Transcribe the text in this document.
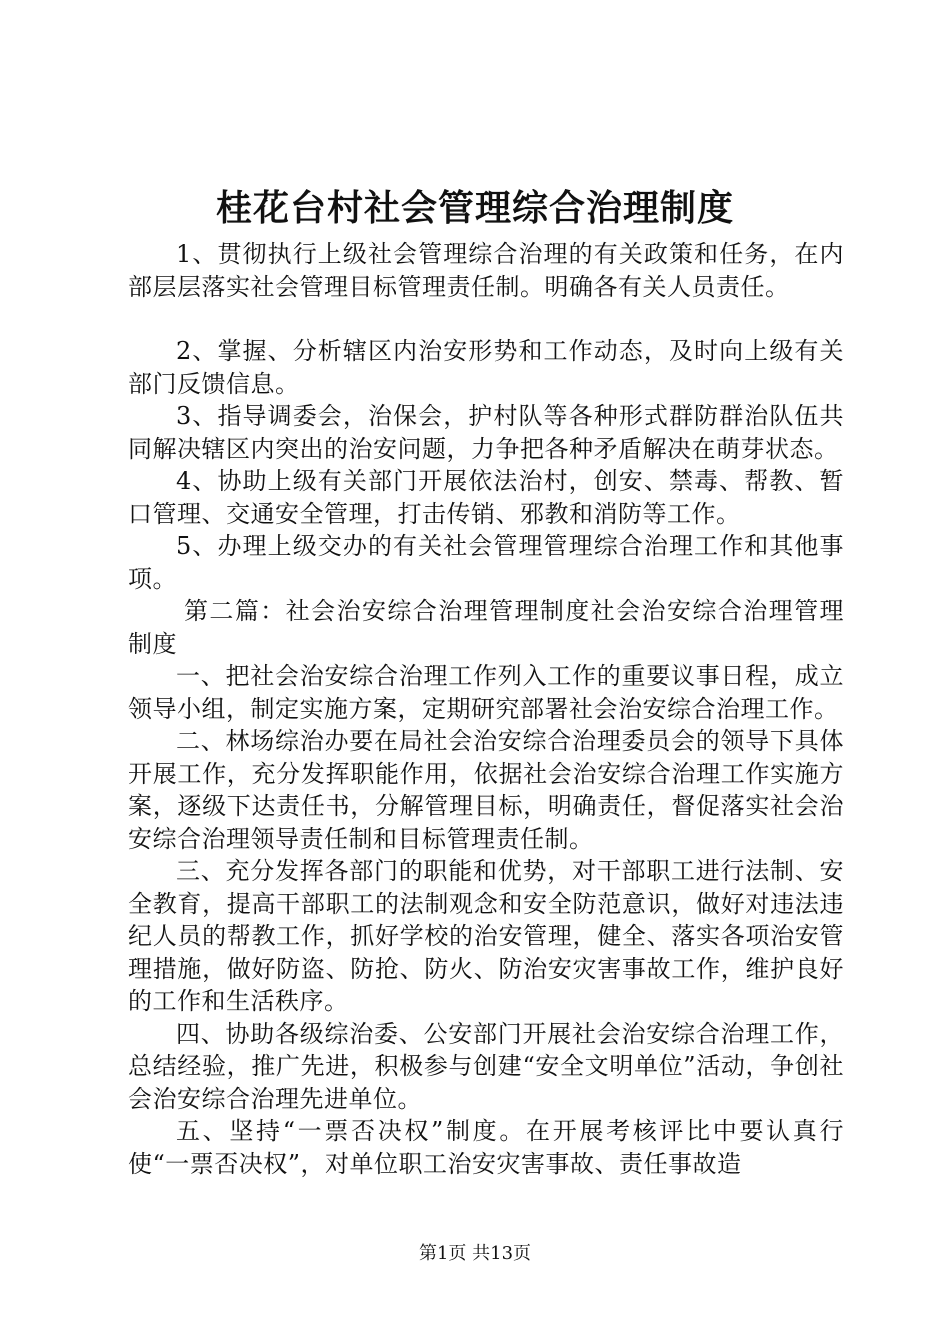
桂花台村社会管理综合治理制度

1、贯彻执行上级社会管理综合治理的有关政策和任务，在内部层层落实社会管理目标管理责任制。明确各有关人员责任。

2、掌握、分析辖区内治安形势和工作动态，及时向上级有关部门反馈信息。

3、指导调委会，治保会，护村队等各种形式群防群治队伍共同解决辖区内突出的治安问题，力争把各种矛盾解决在萌芽状态。

4、协助上级有关部门开展依法治村，创安、禁毒、帮教、暂口管理、交通安全管理，打击传销、邪教和消防等工作。

5、办理上级交办的有关社会管理管理综合治理工作和其他事项。

第二篇：社会治安综合治理管理制度社会治安综合治理管理制度

一、把社会治安综合治理工作列入工作的重要议事日程，成立领导小组，制定实施方案，定期研究部署社会治安综合治理工作。

二、林场综治办要在局社会治安综合治理委员会的领导下具体开展工作，充分发挥职能作用，依据社会治安综合治理工作实施方案，逐级下达责任书，分解管理目标，明确责任，督促落实社会治安综合治理领导责任制和目标管理责任制。

三、充分发挥各部门的职能和优势，对干部职工进行法制、安全教育，提高干部职工的法制观念和安全防范意识，做好对违法违纪人员的帮教工作，抓好学校的治安管理，健全、落实各项治安管理措施，做好防盗、防抢、防火、防治安灾害事故工作，维护良好的工作和生活秩序。

四、协助各级综治委、公安部门开展社会治安综合治理工作，总结经验，推广先进，积极参与创建“安全文明单位”活动，争创社会治安综合治理先进单位。

五、坚持“一票否决权”制度。在开展考核评比中要认真行使“一票否决权”，对单位职工治安灾害事故、责任事故造

第1页 共13页
